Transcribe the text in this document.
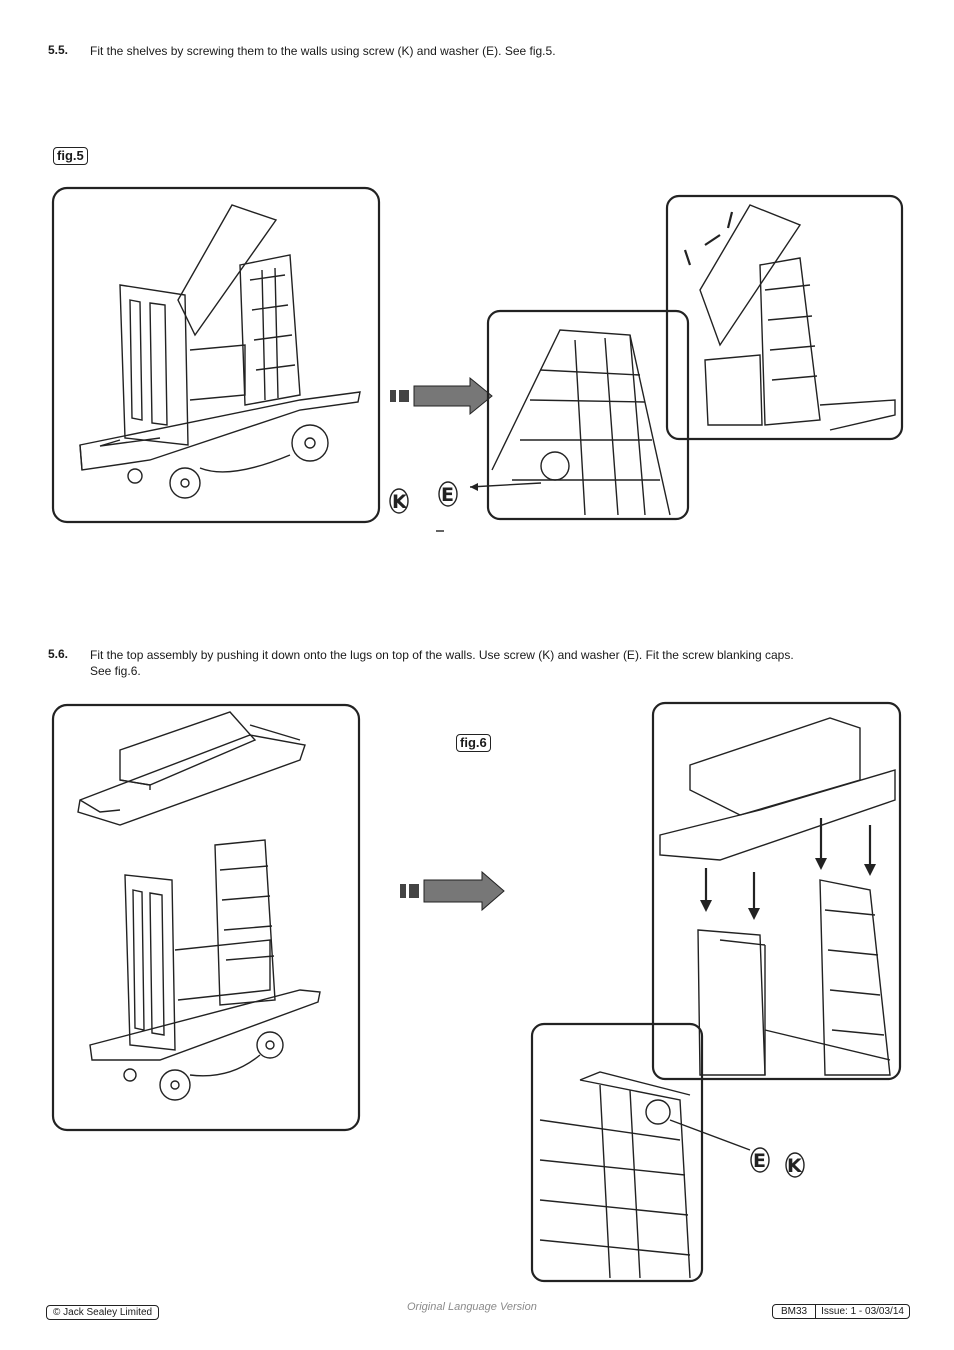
5.5. Fit the shelves by screwing them to the walls using screw (K) and washer (E). See fig.5.
fig.5
K E
5.6. Fit the top assembly by pushing it down onto the lugs on top of the walls. Use screw (K) and washer (E). Fit the screw blanking caps.
See fig.6.
fig.6
E K
© Jack Sealey Limited	Original Language Version	BM33	Issue: 1 - 03/03/14
